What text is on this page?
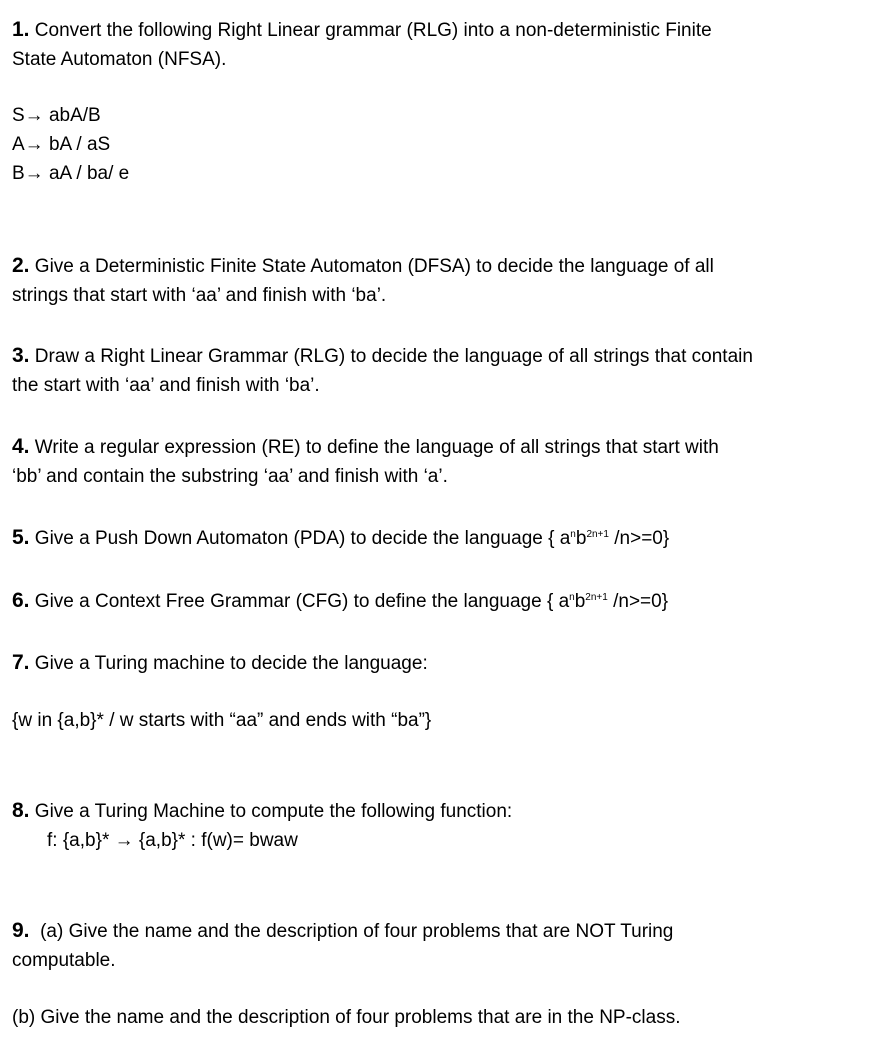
1. Convert the following Right Linear grammar (RLG) into a non-deterministic Finite
State Automaton (NFSA).
S→ abA/B
A→ bA / aS
B→ aA / ba/ e
2. Give a Deterministic Finite State Automaton (DFSA) to decide the language of all
strings that start with ‘aa’ and finish with ‘ba’.
3. Draw a Right Linear Grammar (RLG) to decide the language of all strings that contain
the start with ‘aa’ and finish with ‘ba’.
4. Write a regular expression (RE) to define the language of all strings that start with
‘bb’ and contain the substring ‘aa’ and finish with ‘a’.
5. Give a Push Down Automaton (PDA) to decide the language { $a^nb^{2n+1}$ /n>=0}
6. Give a Context Free Grammar (CFG) to define the language { $a^nb^{2n+1}$ /n>=0}
7. Give a Turing machine to decide the language:
{w in {a,b}* / w starts with “aa” and ends with “ba”}
8. Give a Turing Machine to compute the following function:
f: {a,b}* → {a,b}* : f(w)= bwaw
9.  (a) Give the name and the description of four problems that are NOT Turing
computable.
(b) Give the name and the description of four problems that are in the NP-class.
